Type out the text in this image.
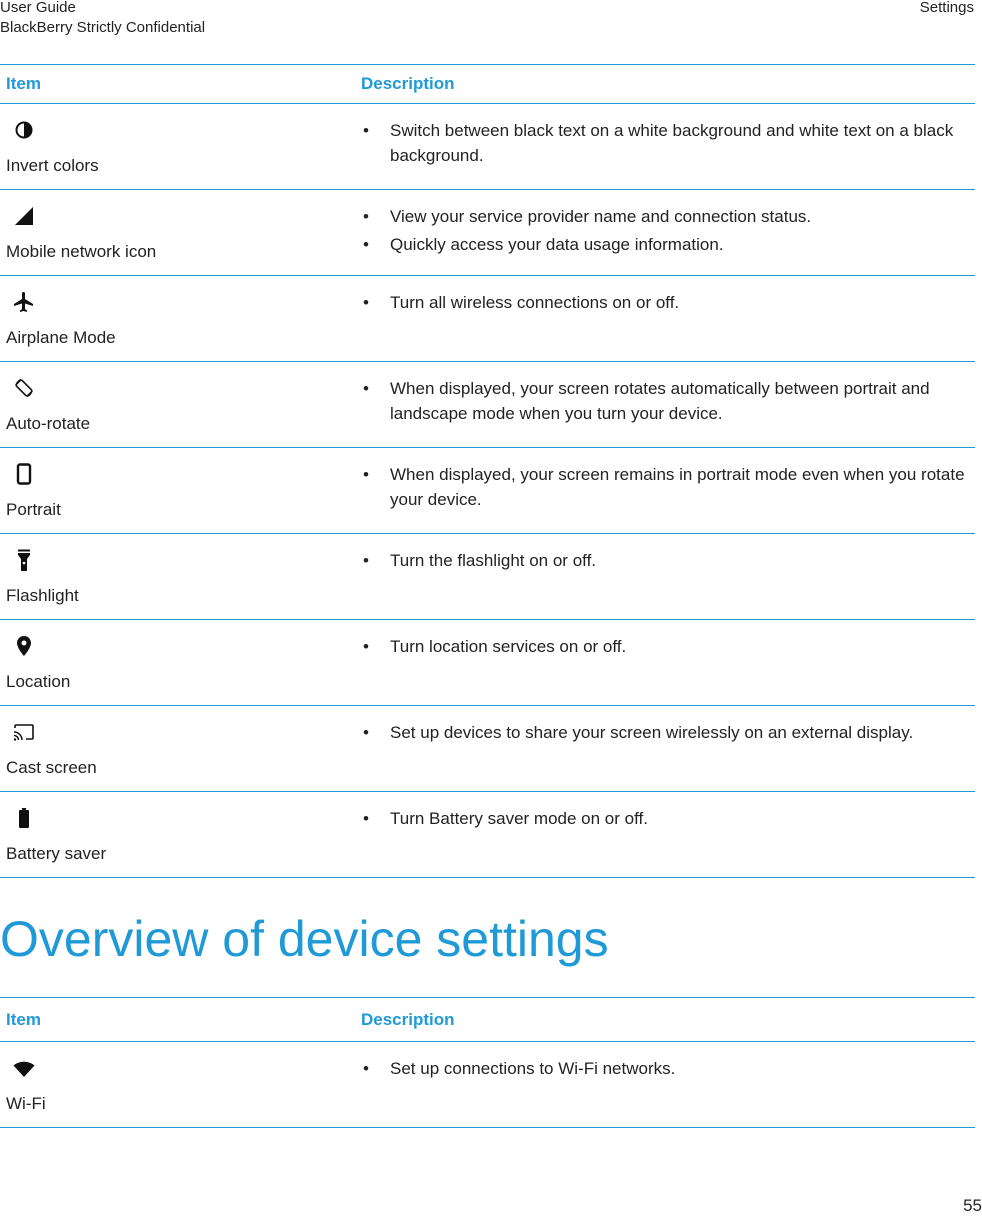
User Guide
BlackBerry Strictly Confidential
Settings
Item	Description
Invert colors
• Switch between black text on a white background and white text on a black background.
Mobile network icon
• View your service provider name and connection status.
• Quickly access your data usage information.
Airplane Mode
• Turn all wireless connections on or off.
Auto-rotate
• When displayed, your screen rotates automatically between portrait and landscape mode when you turn your device.
Portrait
• When displayed, your screen remains in portrait mode even when you rotate your device.
Flashlight
• Turn the flashlight on or off.
Location
• Turn location services on or off.
Cast screen
• Set up devices to share your screen wirelessly on an external display.
Battery saver
• Turn Battery saver mode on or off.
Overview of device settings
Item	Description
Wi-Fi
• Set up connections to Wi-Fi networks.
55
